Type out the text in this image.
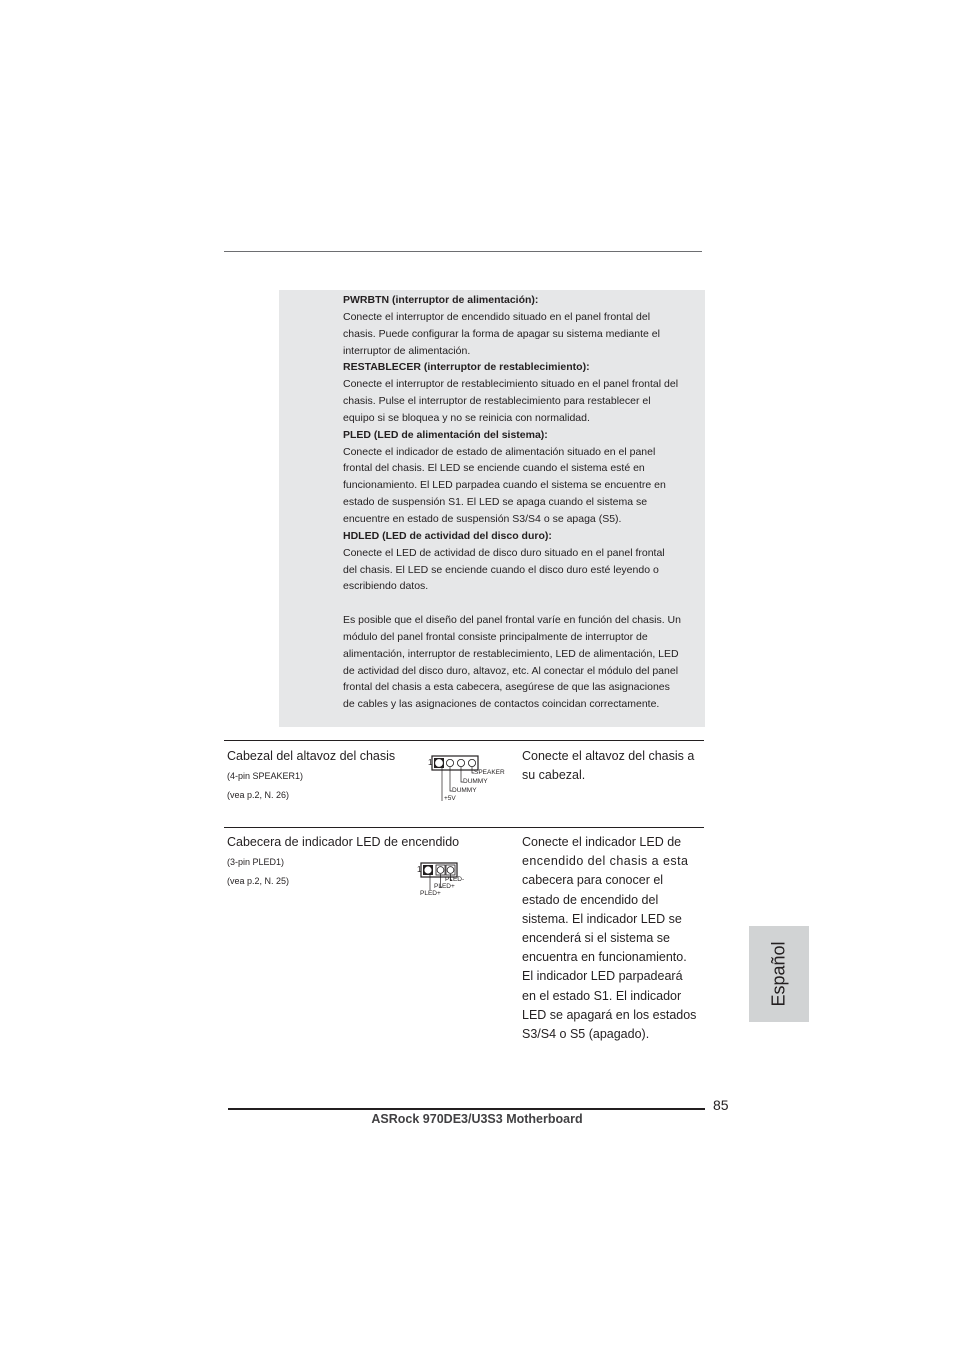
PWRBTN (interruptor de alimentación):
Conecte el interruptor de encendido situado en el panel frontal del
chasis. Puede configurar la forma de apagar su sistema mediante el
interruptor de alimentación.
RESTABLECER (interruptor de restablecimiento):
Conecte el interruptor de restablecimiento situado en el panel frontal del
chasis. Pulse el interruptor de restablecimiento para restablecer el
equipo si se bloquea y no se reinicia con normalidad.
PLED (LED de alimentación del sistema):
Conecte el indicador de estado de alimentación situado en el panel
frontal del chasis. El LED se enciende cuando el sistema esté en
funcionamiento. El LED parpadea cuando el sistema se encuentre en
estado de suspensión S1. El LED se apaga cuando el sistema se
encuentre en estado de suspensión S3/S4 o se apaga (S5).
HDLED (LED de actividad del disco duro):
Conecte el LED de actividad de disco duro situado en el panel frontal
del chasis. El LED se enciende cuando el disco duro esté leyendo o
escribiendo datos.
Es posible que el diseño del panel frontal varíe en función del chasis. Un
módulo del panel frontal consiste principalmente de interruptor de
alimentación, interruptor de restablecimiento, LED de alimentación, LED
de actividad del disco duro, altavoz, etc. Al conectar el módulo del panel
frontal del chasis a esta cabecera, asegúrese de que las asignaciones
de cables y las asignaciones de contactos coincidan correctamente.
Cabezal del altavoz del chasis
(4-pin SPEAKER1)
(vea p.2, N. 26)
1
SPEAKER
DUMMY
DUMMY
+5V
Conecte el altavoz del chasis a
su cabezal.
Cabecera de indicador LED de encendido
(3-pin PLED1)
(vea p.2, N. 25)
1
PLED-
PLED+
PLED+
Conecte el indicador LED de
encendido del chasis a esta
cabecera para conocer el
estado de encendido del
sistema. El indicador LED se
encenderá si el sistema se
encuentra en funcionamiento.
El indicador LED parpadeará
en el estado S1. El indicador
LED se apagará en los estados
S3/S4 o S5 (apagado).
Español
85
ASRock 970DE3/U3S3 Motherboard
